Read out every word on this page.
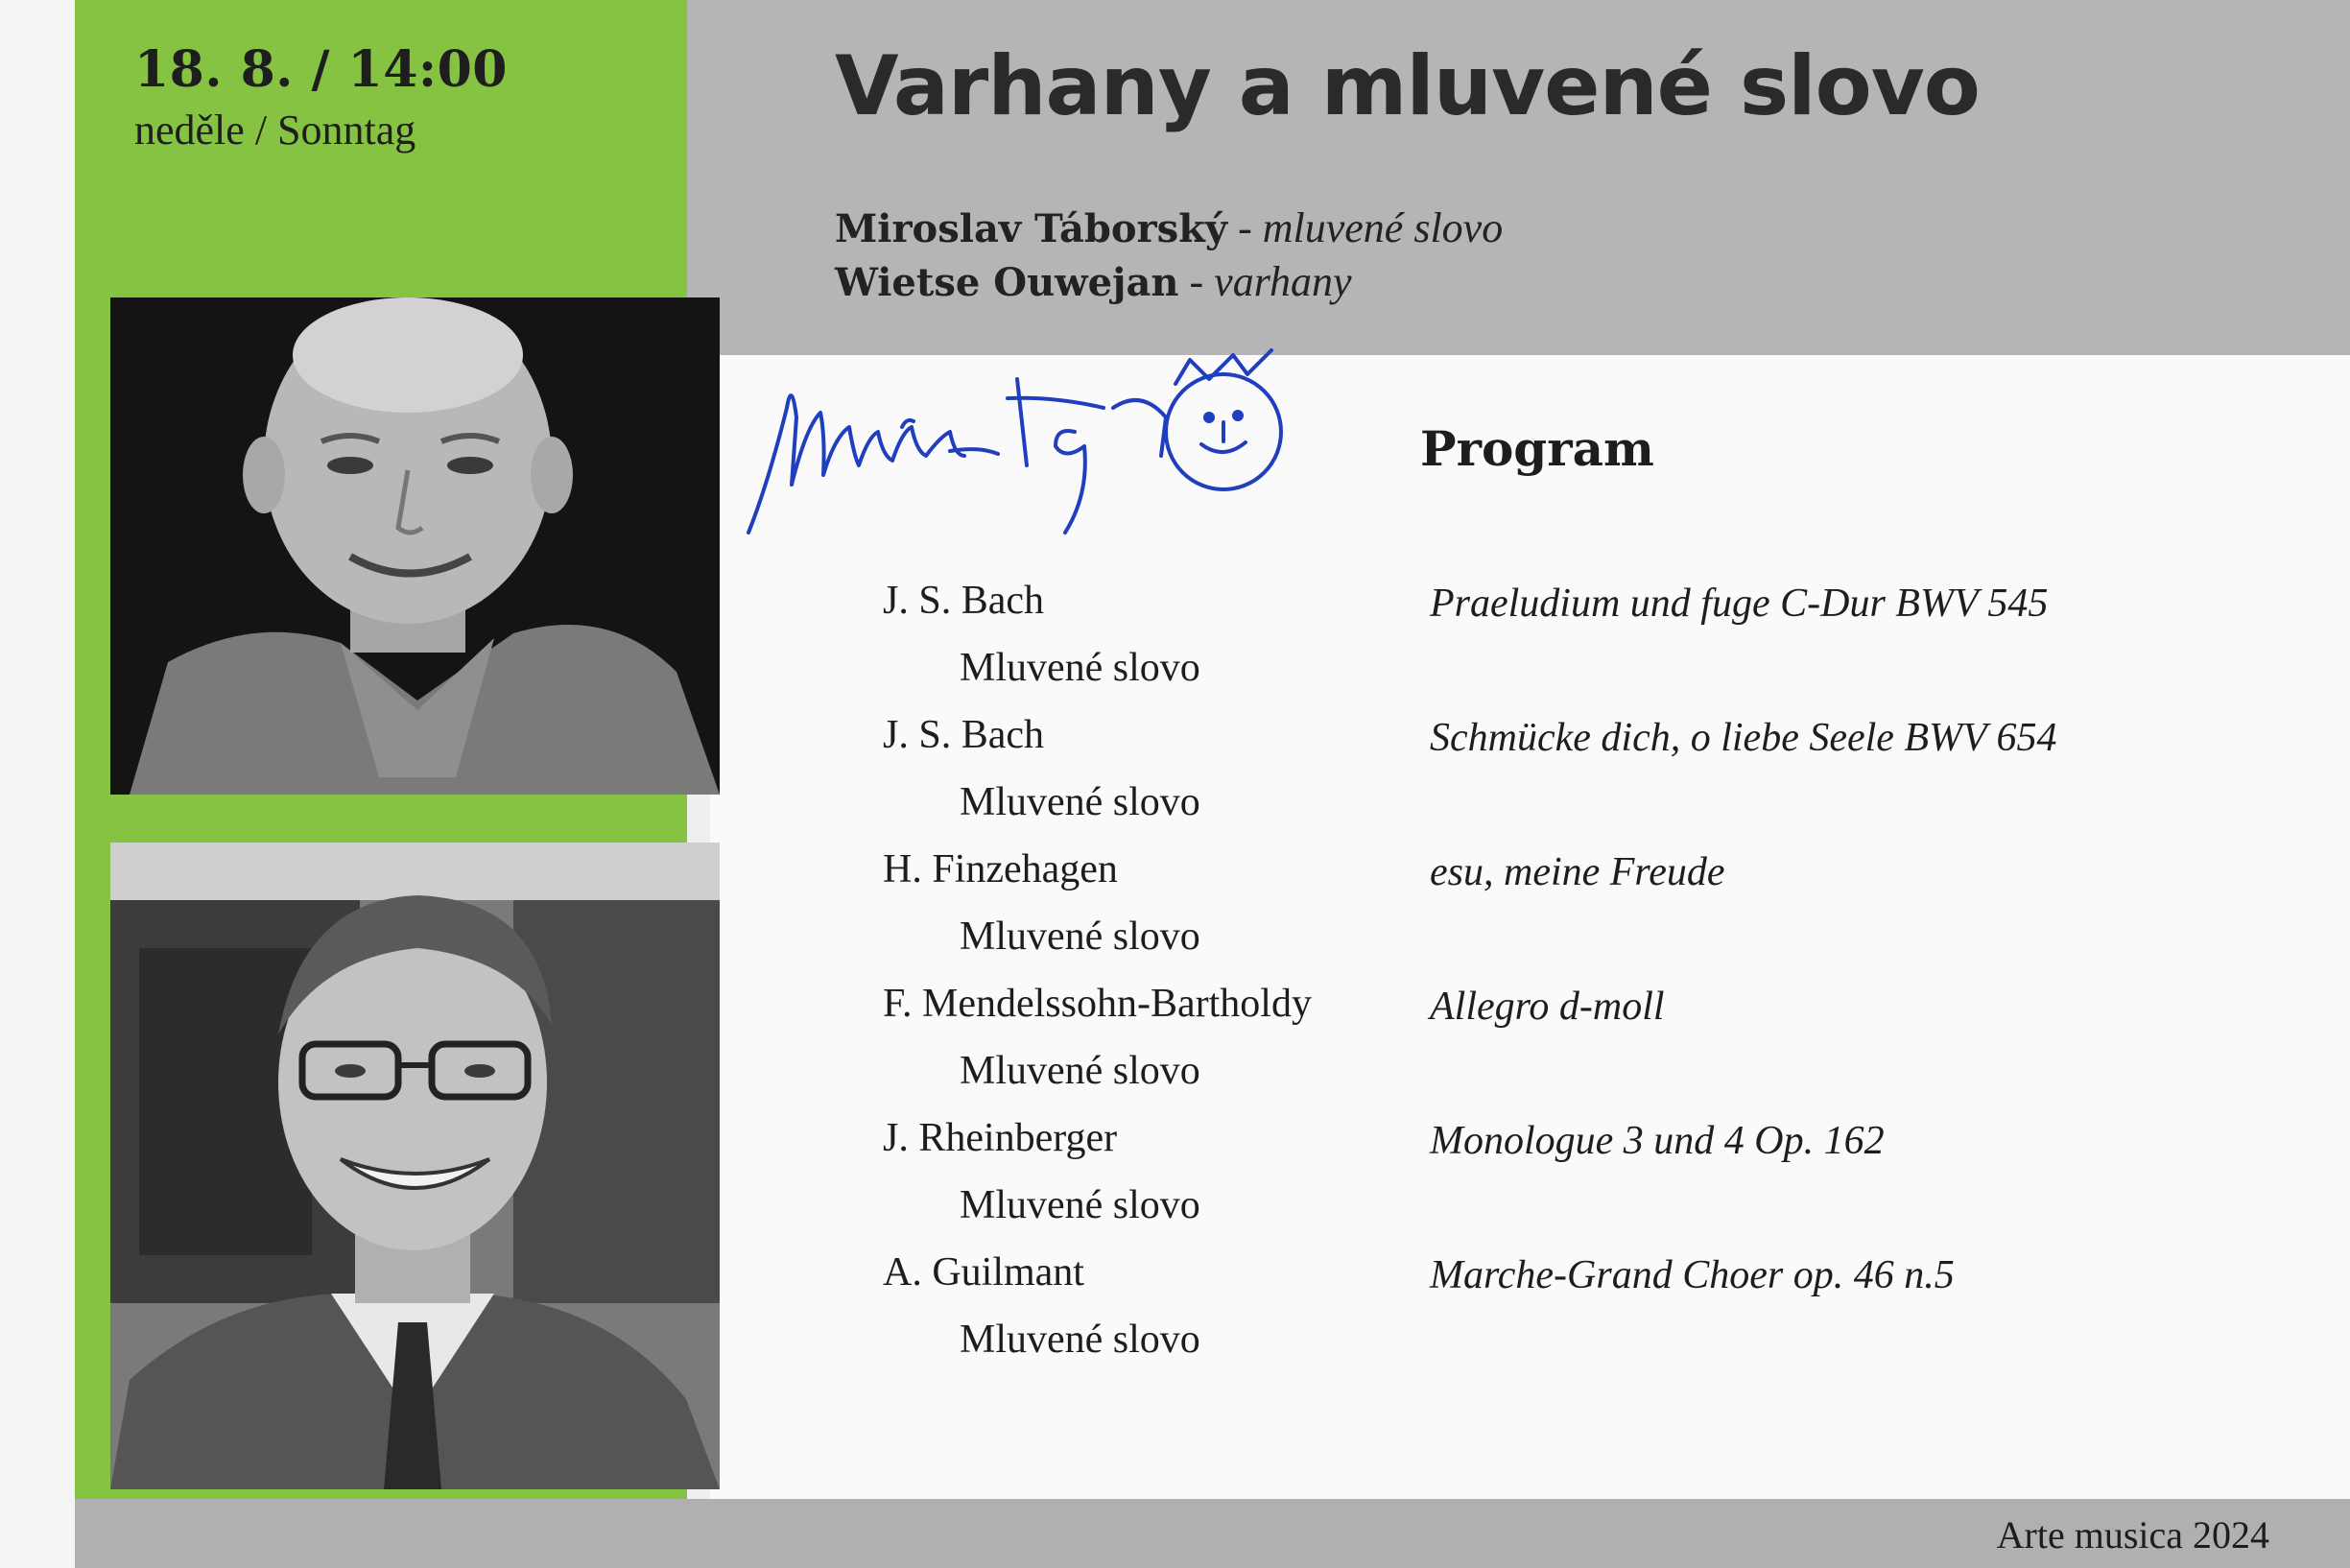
18. 8. / 14:00
neděle / Sonntag	Varhany a mluvené slovo
Miroslav Táborský - mluvené slovo
Wietse Ouwejan - varhany
Program
J. S. Bach	Praeludium und fuge C-Dur BWV 545
Mluvené slovo
J. S. Bach	Schmücke dich, o liebe Seele BWV 654
Mluvené slovo
H. Finzehagen	esu, meine Freude
Mluvené slovo
F. Mendelssohn-Bartholdy	Allegro d-moll
Mluvené slovo
J. Rheinberger	Monologue 3 und 4 Op. 162
Mluvené slovo
A. Guilmant	Marche-Grand Choer op. 46 n.5
Mluvené slovo
Arte musica 2024
